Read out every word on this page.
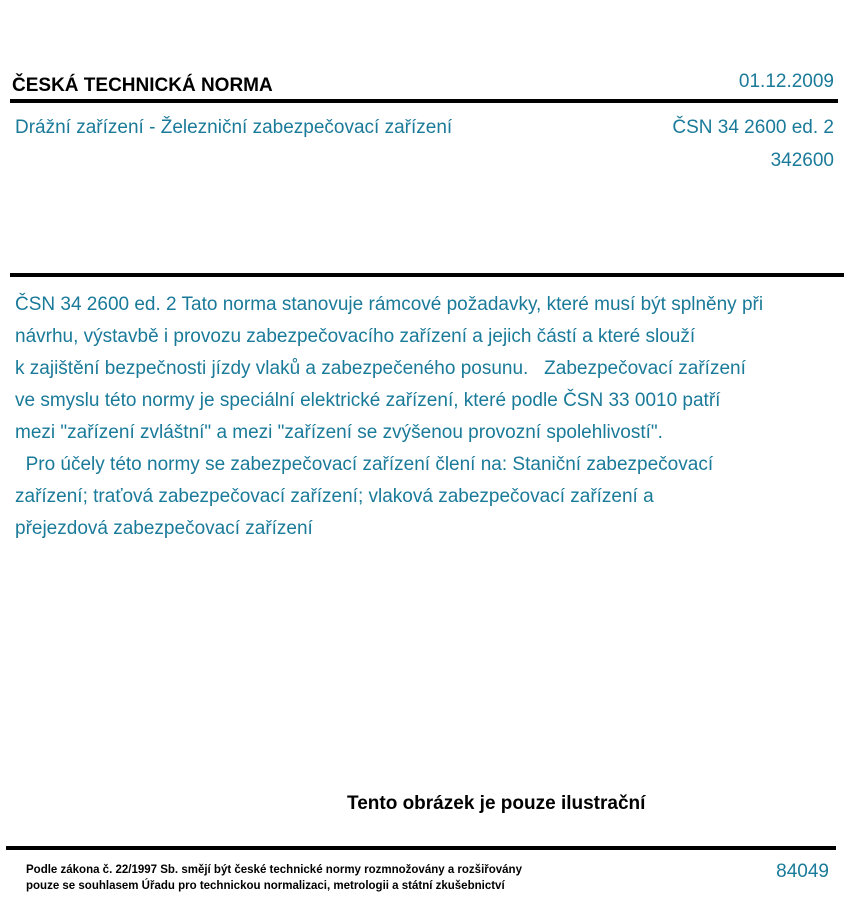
ČESKÁ TECHNICKÁ NORMA	01.12.2009
Drážní zařízení - Železniční zabezpečovací zařízení	ČSN 34 2600 ed. 2
342600

ČSN 34 2600 ed. 2 Tato norma stanovuje rámcové požadavky, které musí být splněny při
návrhu, výstavbě i provozu zabezpečovacího zařízení a jejich částí a které slouží
k zajištění bezpečnosti jízdy vlaků a zabezpečeného posunu.   Zabezpečovací zařízení
ve smyslu této normy je speciální elektrické zařízení, které podle ČSN 33 0010 patří
mezi "zařízení zvláštní" a mezi "zařízení se zvýšenou provozní spolehlivostí".
Pro účely této normy se zabezpečovací zařízení člení na: Staniční zabezpečovací
zařízení; traťová zabezpečovací zařízení; vlaková zabezpečovací zařízení a
přejezdová zabezpečovací zařízení

Tento obrázek je pouze ilustrační
Podle zákona č. 22/1997 Sb. smějí být české technické normy rozmnožovány a rozšiřovány
pouze se souhlasem Úřadu pro technickou normalizaci, metrologii a státní zkušebnictví
84049
